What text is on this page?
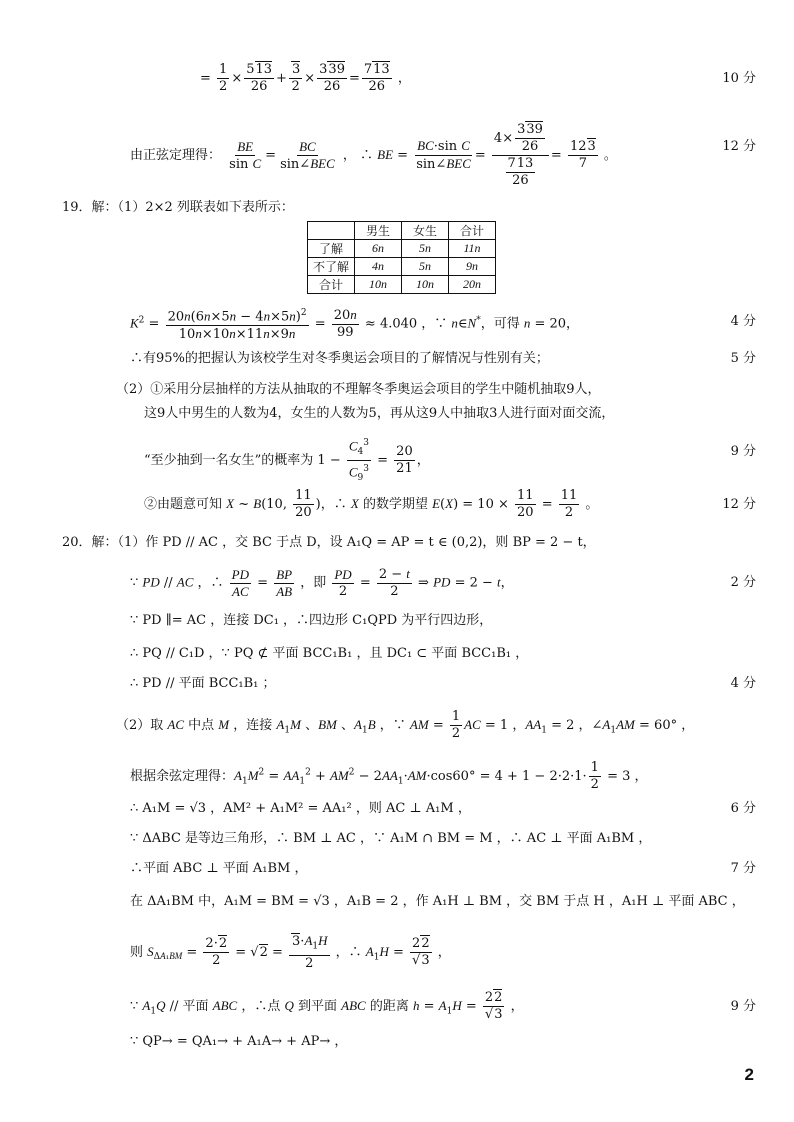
= $\frac{1}{2} \times \frac{513}{26} + \frac{3}{2} \times \frac{339}{26} = \frac{713}{26}$ ，	10 分
由正弦定理得： $\frac{BE}{\text{sin C}}$ =
BC
sin∠BEC ， ∴ BE =
BC·sin C
sin∠BEC
= $\frac{4\times \frac{339}{26}}{\frac{713}{26}} = \frac{123}{7}$ 。
12 分
19．解：（1）2×2 列联表如下表所示：
	男生	女生	合计
了解	6n	5n	11n
不了解	4n	5n	9n
合计	10n	10n	20n
$K^2 = \frac{20n(6n\times 5n - 4n\times 5n)^2}{10n\times 10n\times 11n\times 9n} = \frac{20n}{99} \approx 4.040$ ，∵ n∈N*，可得 n = 20，	4 分
∴有95%的把握认为该校学生对冬季奥运会项目的了解情况与性别有关；	5 分
（2）①采用分层抽样的方法从抽取的不理解冬季奥运会项目的学生中随机抽取9人，
这9人中男生的人数为4，女生的人数为5，再从这9人中抽取3人进行面对面交流，
“至少抽到一名女生”的概率为 $1 - \frac{C_4^3}{C_9^3} = \frac{20}{21}$ ，
9 分
②由题意可知 X ~ B(10, $\frac{11}{20}$ )，∴ X 的数学期望 $E(X) = 10 \times \frac{11}{20} = \frac{11}{2}$ 。	12 分
20．解：（1）作 PD // AC ，交 BC 于点 D，设 A₁Q = AP = t ∈ (0,2)，则 BP = 2 − t，
∵ PD // AC ，∴ $\frac{PD}{AC} = \frac{BP}{AB}$ ，即 $\frac{PD}{2} = \frac{2 - t}{2}$ ⇒ PD = 2 − t，	2 分
∵ PD ∥= AC ，连接 DC₁ ，∴四边形 C₁QPD 为平行四边形，
∴ PQ // C₁D ，∵ PQ ⊄ 平面 BCC₁B₁ ，且 DC₁ ⊂ 平面 BCC₁B₁ ，
∴ PD // 平面 BCC₁B₁ ；	4 分
（2）取 AC 中点 M ，连接 $A_1M$ 、BM 、$A_1B$ ，∵ AM = $\frac{1}{2}$ AC = 1 ，$AA_1 = 2$ ，$\angle A_1AM = 60^\circ$ ，
根据余弦定理得：$A_1M^2 = AA_1^2 + AM^2 - 2AA_1\cdot AM\cdot\cos 60^\circ = 4 + 1 - 2\cdot 2\cdot 1\cdot \frac{1}{2} = 3$ ，
∴ A₁M = √3 ，AM² + A₁M² = AA₁² ，则 AC ⊥ A₁M ，	6 分
∵ ΔABC 是等边三角形，∴ BM ⊥ AC ，∵ A₁M ∩ BM = M ，∴ AC ⊥ 平面 A₁BM ，
∴平面 ABC ⊥ 平面 A₁BM ，	7 分
在 ΔA₁BM 中，A₁M = BM = √3 ，A₁B = 2 ，作 A₁H ⊥ BM ，交 BM 于点 H ，A₁H ⊥ 平面 ABC ，
则 $S_{\Delta A_1BM} = \frac{2\cdot 2}{2} = √2 = \frac{3\cdot A_1H}{2}$ ，∴ $A_1H = \frac{22}{√3}$ ，
∵ $A_1Q$ // 平面 ABC ，∴点 Q 到平面 ABC 的距离 $h = A_1H = \frac{22}{√3}$ ，	9 分
∵ QP→ = QA₁→ + A₁A→ + AP→ ，
2
